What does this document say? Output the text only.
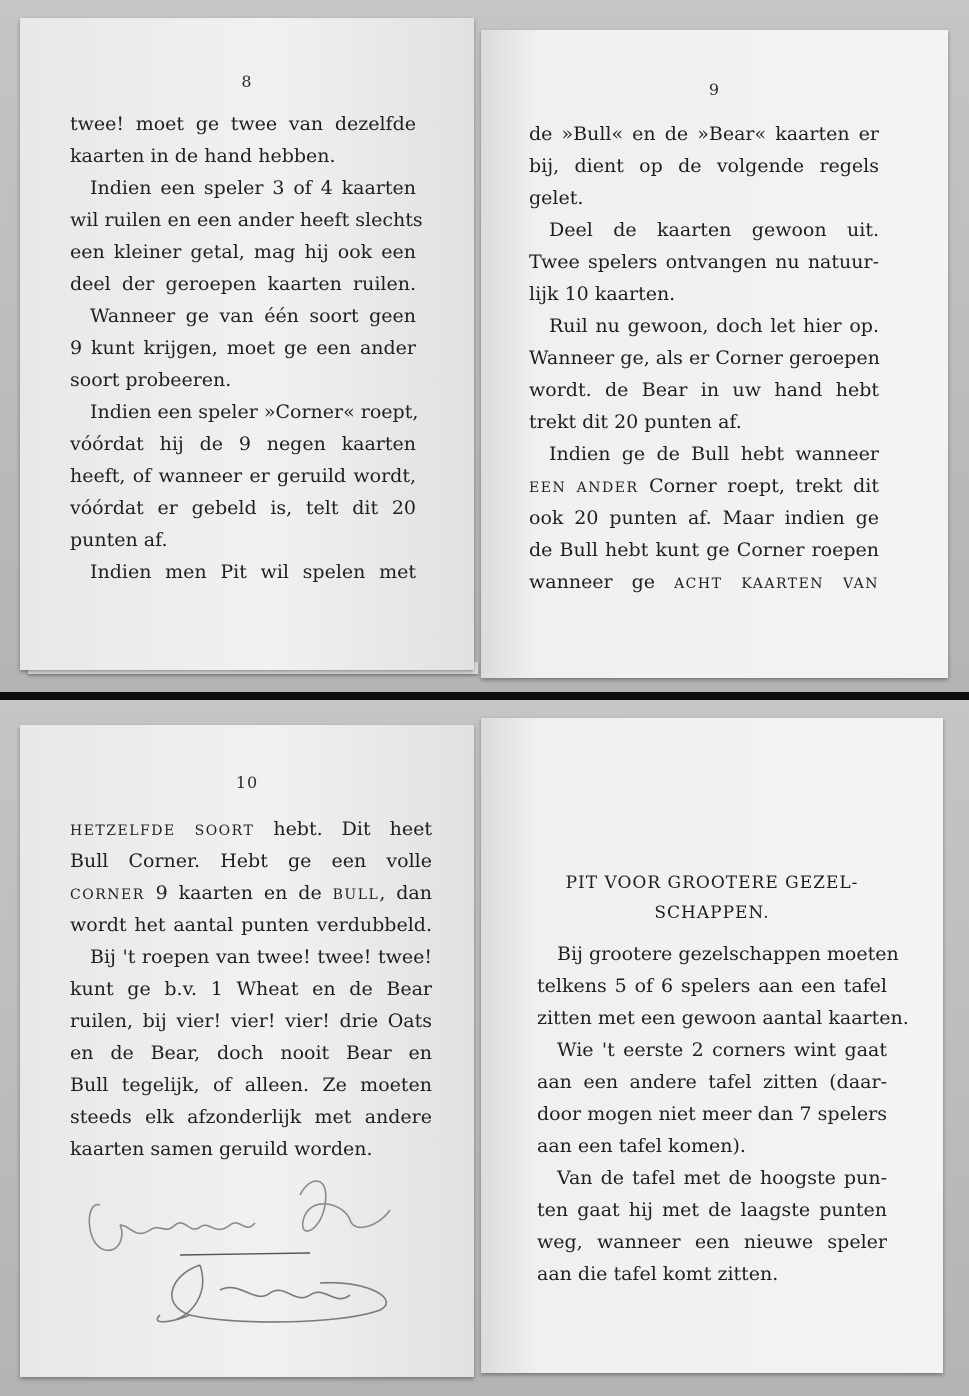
8
twee! moet ge twee van dezelfde
kaarten in de hand hebben.
Indien een speler 3 of 4 kaarten
wil ruilen en een ander heeft slechts
een kleiner getal, mag hij ook een
deel der geroepen kaarten ruilen.
Wanneer ge van één soort geen
9 kunt krijgen, moet ge een ander
soort probeeren.
Indien een speler »Corner« roept,
vóórdat hij de 9 negen kaarten
heeft, of wanneer er geruild wordt,
vóórdat er gebeld is, telt dit 20
punten af.
Indien men Pit wil spelen met
9
de »Bull« en de »Bear« kaarten er
bij, dient op de volgende regels
gelet.
Deel de kaarten gewoon uit.
Twee spelers ontvangen nu natuur-
lijk 10 kaarten.
Ruil nu gewoon, doch let hier op.
Wanneer ge, als er Corner geroepen
wordt. de Bear in uw hand hebt
trekt dit 20 punten af.
Indien ge de Bull hebt wanneer
EEN ANDER Corner roept, trekt dit
ook 20 punten af. Maar indien ge
de Bull hebt kunt ge Corner roepen
wanneer ge ACHT KAARTEN VAN
10
HETZELFDE SOORT hebt. Dit heet
Bull Corner. Hebt ge een volle
CORNER 9 kaarten en de BULL, dan
wordt het aantal punten verdubbeld.
Bij 't roepen van twee! twee! twee!
kunt ge b.v. 1 Wheat en de Bear
ruilen, bij vier! vier! vier! drie Oats
en de Bear, doch nooit Bear en
Bull tegelijk, of alleen. Ze moeten
steeds elk afzonderlijk met andere
kaarten samen geruild worden.
PIT VOOR GROOTERE GEZEL-
SCHAPPEN.
Bij grootere gezelschappen moeten
telkens 5 of 6 spelers aan een tafel
zitten met een gewoon aantal kaarten.
Wie 't eerste 2 corners wint gaat
aan een andere tafel zitten (daar-
door mogen niet meer dan 7 spelers
aan een tafel komen).
Van de tafel met de hoogste pun-
ten gaat hij met de laagste punten
weg, wanneer een nieuwe speler
aan die tafel komt zitten.
